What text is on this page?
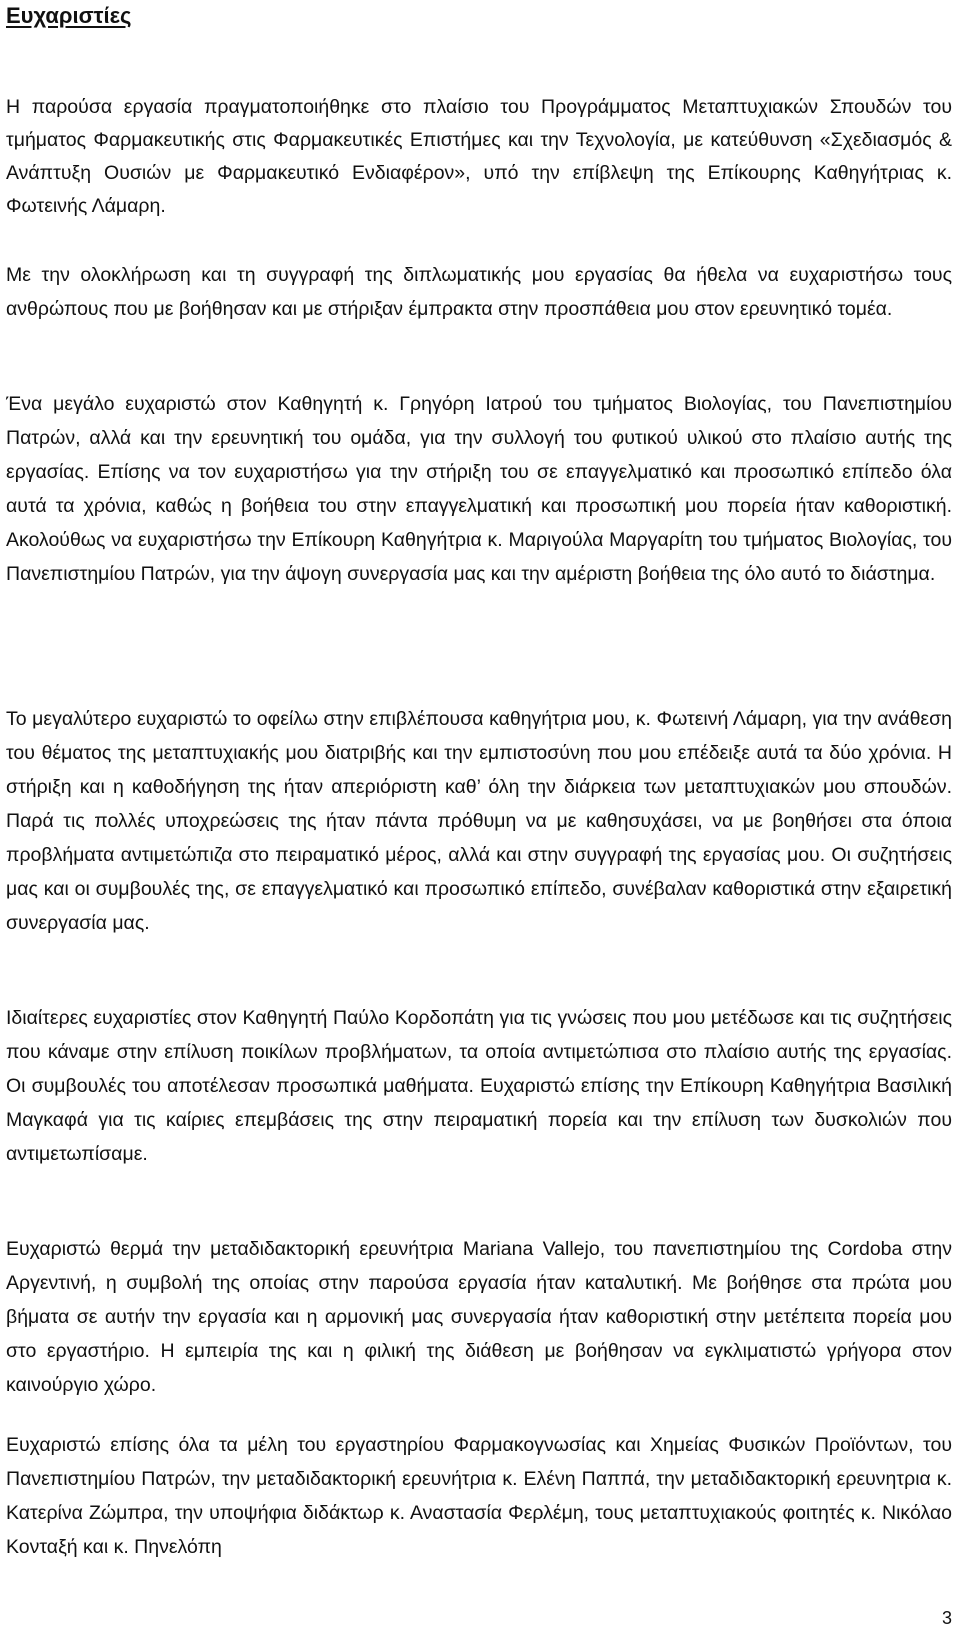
Ευχαριστίες

Η παρούσα εργασία πραγματοποιήθηκε στο πλαίσιο του Προγράμματος Μεταπτυχιακών Σπουδών του τμήματος Φαρμακευτικής στις Φαρμακευτικές Επιστήμες και την Τεχνολογία, με κατεύθυνση «Σχεδιασμός & Ανάπτυξη Ουσιών με Φαρμακευτικό Ενδιαφέρον», υπό την επίβλεψη της Επίκουρης Καθηγήτριας κ. Φωτεινής Λάμαρη.

Με την ολοκλήρωση και τη συγγραφή της διπλωματικής μου εργασίας θα ήθελα να ευχαριστήσω τους ανθρώπους που με βοήθησαν και με στήριξαν έμπρακτα στην προσπάθεια μου στον ερευνητικό τομέα.

Ένα μεγάλο ευχαριστώ στον Καθηγητή κ. Γρηγόρη Ιατρού του τμήματος Βιολογίας, του Πανεπιστημίου Πατρών, αλλά και την ερευνητική του ομάδα, για την συλλογή του φυτικού υλικού στο πλαίσιο αυτής της εργασίας. Επίσης να τον ευχαριστήσω για την στήριξη του σε επαγγελματικό και προσωπικό επίπεδο όλα αυτά τα χρόνια, καθώς η βοήθεια του στην επαγγελματική και προσωπική μου πορεία ήταν καθοριστική. Ακολούθως να ευχαριστήσω την Επίκουρη Καθηγήτρια κ. Μαριγούλα Μαργαρίτη του τμήματος Βιολογίας, του Πανεπιστημίου Πατρών, για την άψογη συνεργασία μας και την αμέριστη βοήθεια της όλο αυτό το διάστημα.

Το μεγαλύτερο ευχαριστώ το οφείλω στην επιβλέπουσα καθηγήτρια μου, κ. Φωτεινή Λάμαρη, για την ανάθεση του θέματος της μεταπτυχιακής μου διατριβής και την εμπιστοσύνη που μου επέδειξε αυτά τα δύο χρόνια. Η στήριξη και η καθοδήγηση της ήταν απεριόριστη καθ’ όλη την διάρκεια των μεταπτυχιακών μου σπουδών. Παρά τις πολλές υποχρεώσεις της ήταν πάντα πρόθυμη να με καθησυχάσει, να με βοηθήσει στα όποια προβλήματα αντιμετώπιζα στο πειραματικό μέρος, αλλά και στην συγγραφή της εργασίας μου. Οι συζητήσεις μας και οι συμβουλές της, σε επαγγελματικό και προσωπικό επίπεδο, συνέβαλαν καθοριστικά στην εξαιρετική συνεργασία μας.

Ιδιαίτερες ευχαριστίες στον Καθηγητή Παύλο Κορδοπάτη για τις γνώσεις που μου μετέδωσε και τις συζητήσεις που κάναμε στην επίλυση ποικίλων προβλήματων, τα οποία αντιμετώπισα στο πλαίσιο αυτής της εργασίας. Οι συμβουλές του αποτέλεσαν προσωπικά μαθήματα. Ευχαριστώ επίσης την Επίκουρη Καθηγήτρια Βασιλική Μαγκαφά για τις καίριες επεμβάσεις της στην πειραματική πορεία και την επίλυση των δυσκολιών που αντιμετωπίσαμε.

Ευχαριστώ θερμά την μεταδιδακτορική ερευνήτρια Mariana Vallejo, του πανεπιστημίου της Cordoba στην Αργεντινή, η συμβολή της οποίας στην παρούσα εργασία ήταν καταλυτική. Με βοήθησε στα πρώτα μου βήματα σε αυτήν την εργασία και η αρμονική μας συνεργασία ήταν καθοριστική στην μετέπειτα πορεία μου στο εργαστήριο. Η εμπειρία της και η φιλική της διάθεση με βοήθησαν να εγκλιματιστώ γρήγορα στον καινούργιο χώρο.

Ευχαριστώ επίσης όλα τα μέλη του εργαστηρίου Φαρμακογνωσίας και Χημείας Φυσικών Προϊόντων, του Πανεπιστημίου Πατρών, την μεταδιδακτορική ερευνήτρια κ. Ελένη Παππά, την μεταδιδακτορική ερευνητρια κ. Κατερίνα Ζώμπρα, την υποψήφια διδάκτωρ κ. Αναστασία Φερλέμη, τους μεταπτυχιακούς φοιτητές κ. Νικόλαο Κονταξή και κ. Πηνελόπη

3
